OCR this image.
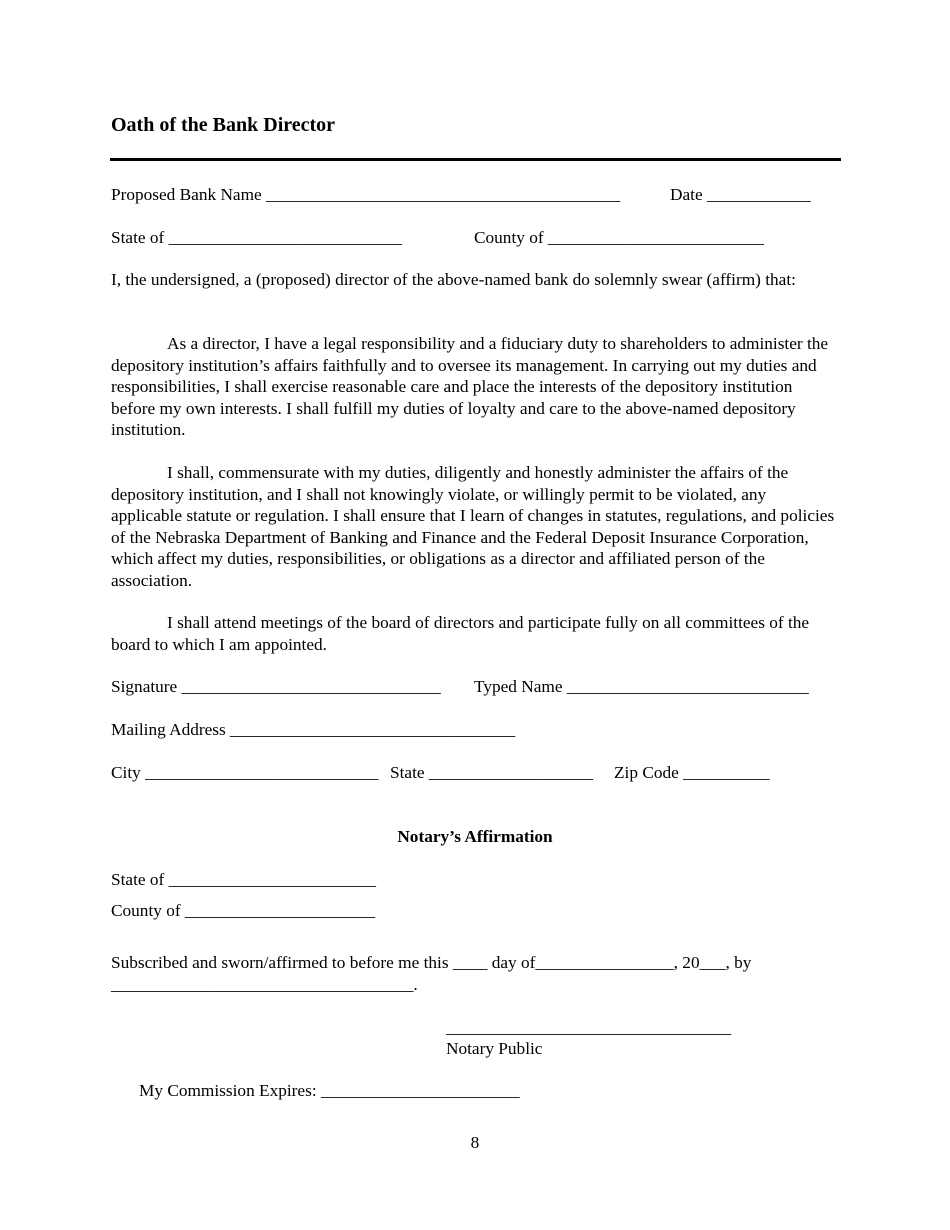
Oath of the Bank Director
Proposed Bank Name _________________________________________	Date ____________
State of ___________________________	County of _________________________
I, the undersigned, a (proposed) director of the above-named bank do solemnly swear (affirm) that:
As a director, I have a legal responsibility and a fiduciary duty to shareholders to administer the depository institution’s affairs faithfully and to oversee its management. In carrying out my duties and responsibilities, I shall exercise reasonable care and place the interests of the depository institution before my own interests. I shall fulfill my duties of loyalty and care to the above-named depository institution.
I shall, commensurate with my duties, diligently and honestly administer the affairs of the depository institution, and I shall not knowingly violate, or willingly permit to be violated, any applicable statute or regulation. I shall ensure that I learn of changes in statutes, regulations, and policies of the Nebraska Department of Banking and Finance and the Federal Deposit Insurance Corporation, which affect my duties, responsibilities, or obligations as a director and affiliated person of the association.
I shall attend meetings of the board of directors and participate fully on all committees of the board to which I am appointed.
Signature ______________________________ Typed Name ____________________________
Mailing Address _________________________________
City ___________________________ State ___________________ Zip Code __________
Notary’s Affirmation
State of ________________________
County of ______________________
Subscribed and sworn/affirmed to before me this ____ day of________________, 20___, by
___________________________________.
_________________________________
Notary Public
My Commission Expires: _______________________
8
